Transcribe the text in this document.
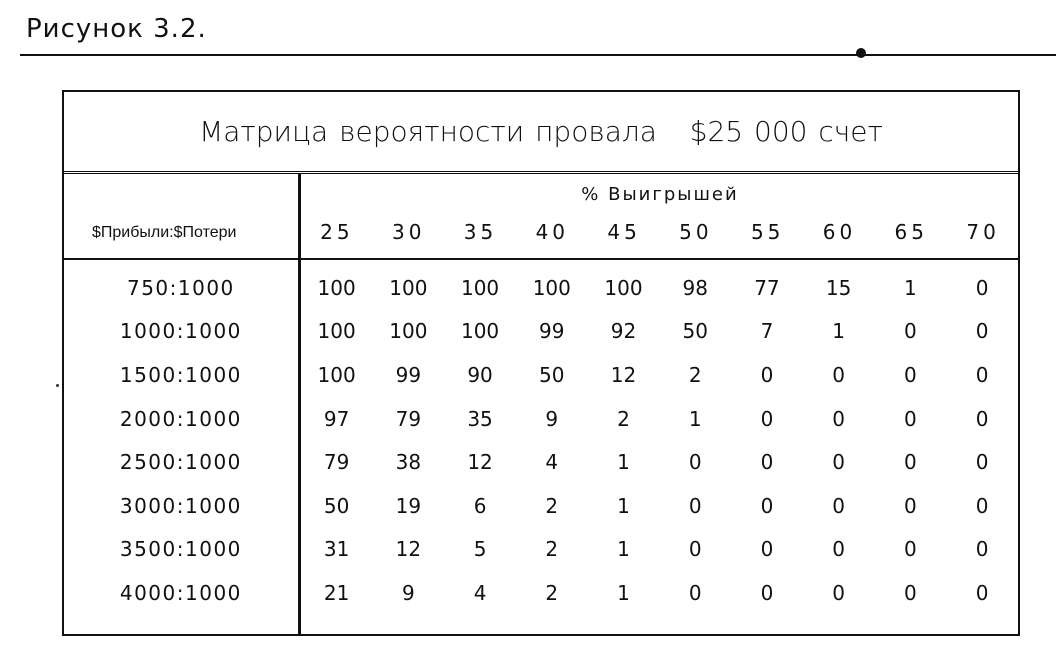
Рисунок 3.2.
Матрица вероятности провала   $25 000 счет
% Выигрышей
$Прибыли:$Потери	25	30	35	40	45	50	55	60	65	70
750:1000	100	100	100	100	100	98	77	15	1	0
1000:1000	100	100	100	99	92	50	7	1	0	0
1500:1000	100	99	90	50	12	2	0	0	0	0
2000:1000	97	79	35	9	2	1	0	0	0	0
2500:1000	79	38	12	4	1	0	0	0	0	0
3000:1000	50	19	6	2	1	0	0	0	0	0
3500:1000	31	12	5	2	1	0	0	0	0	0
4000:1000	21	9	4	2	1	0	0	0	0	0
